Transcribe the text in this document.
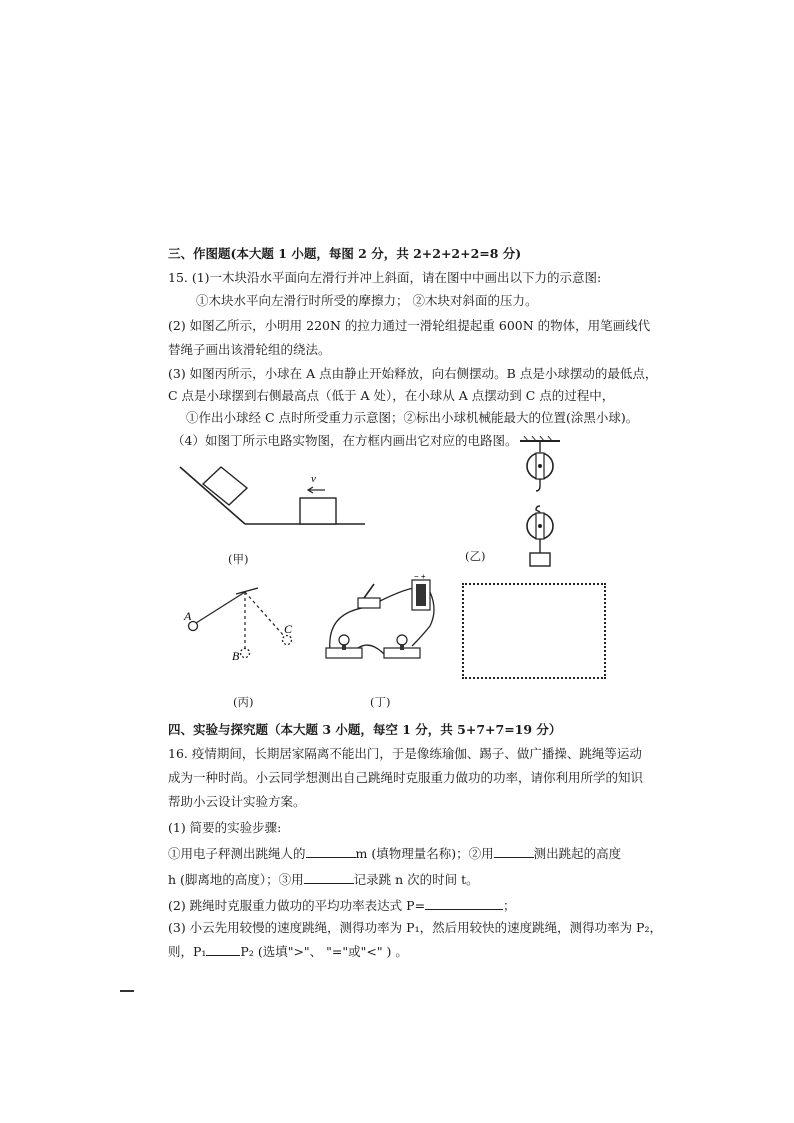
三、作图题(本大题 1 小题，每图 2 分，共 2+2+2+2=8 分)
15. (1)一木块沿水平面向左滑行并冲上斜面，请在图中中画出以下力的示意图:
①木块水平向左滑行时所受的摩擦力； ②木块对斜面的压力。
(2) 如图乙所示，小明用 220N 的拉力通过一滑轮组提起重 600N 的物体，用笔画线代
替绳子画出该滑轮组的绕法。
(3) 如图丙所示，小球在 A 点由静止开始释放，向右侧摆动。B 点是小球摆动的最低点，
C 点是小球摆到右侧最高点（低于 A 处），在小球从 A 点摆动到 C 点的过程中，
①作出小球经 C 点时所受重力示意图；②标出小球机械能最大的位置(涂黑小球)。
（4）如图丁所示电路实物图，在方框内画出它对应的电路图。
v
(甲)	(乙)
A
B
C
(丙)
− +
(丁)
四、实验与探究题（本大题 3 小题，每空 1 分，共 5+7+7=19 分）
16. 疫情期间，长期居家隔离不能出门，于是像练瑜伽、踢子、做广播操、跳绳等运动
成为一种时尚。小云同学想测出自己跳绳时克服重力做功的功率，请你利用所学的知识
帮助小云设计实验方案。
(1) 简要的实验步骤:
①用电子秤测出跳绳人的	m (填物理量名称)；②用	测出跳起的高度
h (脚离地的高度）；③用	记录跳 n 次的时间 t。
(2) 跳绳时克服重力做功的平均功率表达式 P=	；
(3) 小云先用较慢的速度跳绳，测得功率为 P₁，然后用较快的速度跳绳，测得功率为 P₂，
则，P₁	P₂ (选填">"、 "="或"<" ) 。
